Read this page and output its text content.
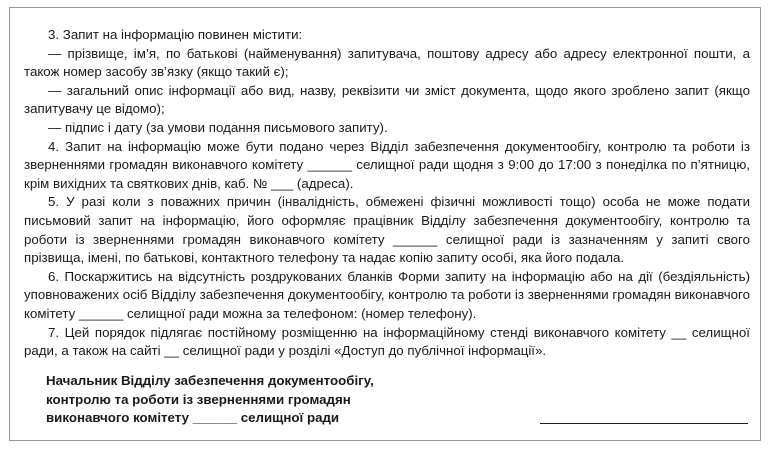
3. Запит на інформацію повинен містити:

— прізвище, ім’я, по батькові (найменування) запитувача, поштову адресу або адресу електронної пошти, а також номер засобу зв’язку (якщо такий є);

— загальний опис інформації або вид, назву, реквізити чи зміст документа, щодо якого зроблено запит (якщо запитувачу це відомо);

— підпис і дату (за умови подання письмового запиту).

4. Запит на інформацію може бути подано через Відділ забезпечення документообігу, контролю та роботи із зверненнями громадян виконавчого комітету ______ селищної ради щодня з 9:00 до 17:00 з понеділка по п’ятницю, крім вихідних та святкових днів, каб. № ___ (адреса).

5. У разі коли з поважних причин (інвалідність, обмежені фізичні можливості тощо) особа не може подати письмовий запит на інформацію, його оформляє працівник Відділу забезпечення документообігу, контролю та роботи із зверненнями громадян виконавчого комітету ______ селищної ради із зазначенням у запиті свого прізвища, імені, по батькові, контактного телефону та надає копію запиту особі, яка його подала.

6. Поскаржитись на відсутність роздрукованих бланків Форми запиту на інформацію або на дії (бездіяльність) уповноважених осіб Відділу забезпечення документообігу, контролю та роботи із зверненнями громадян виконавчого комітету ______ селищної ради можна за телефоном: (номер телефону).

7. Цей порядок підлягає постійному розміщенню на інформаційному стенді виконавчого комітету __ селищної ради, а також на сайті __ селищної ради у розділі «Доступ до публічної інформації».

Начальник Відділу забезпечення документообігу,
контролю та роботи із зверненнями громадян
виконавчого комітету ______ селищної ради
